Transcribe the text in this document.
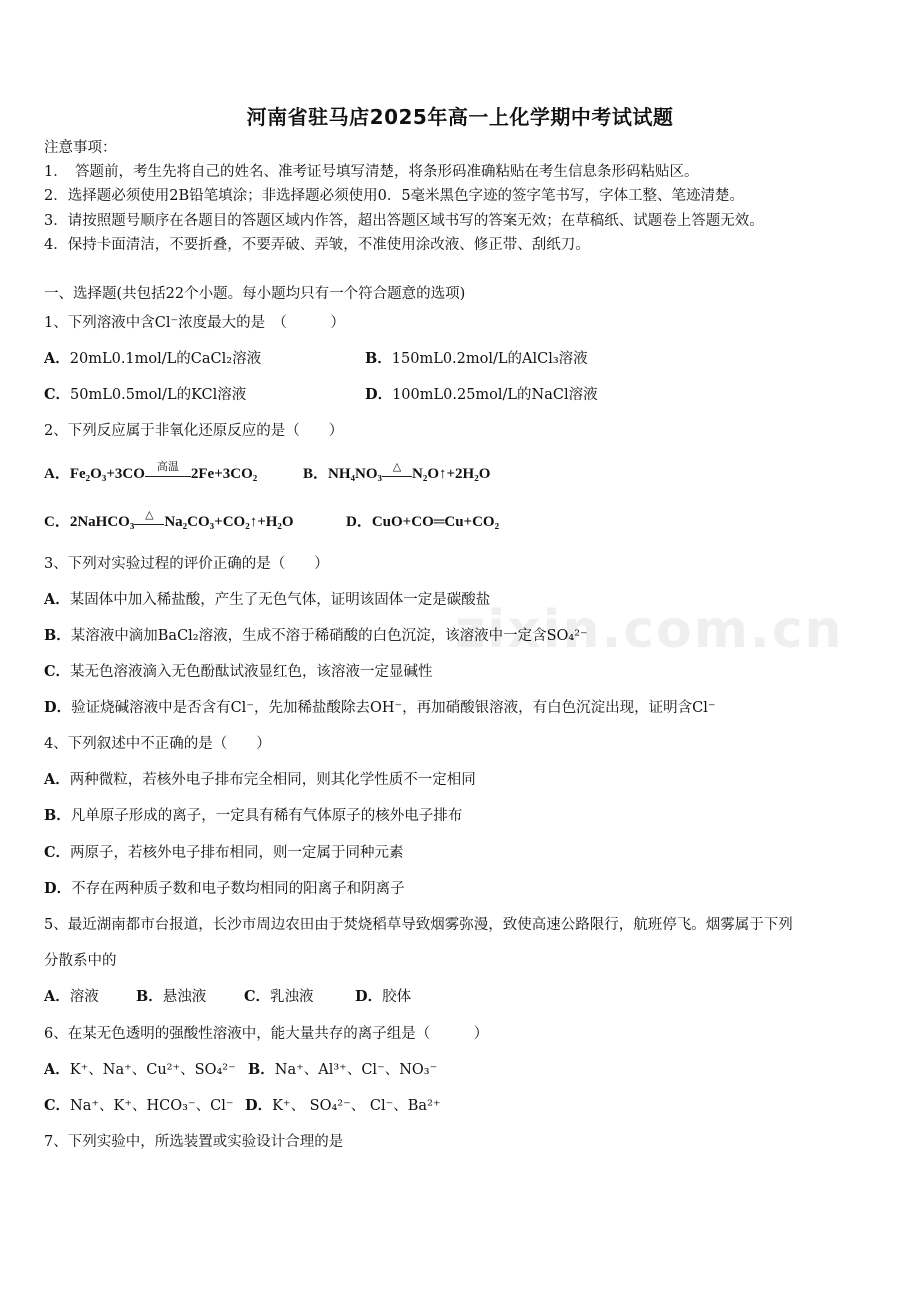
河南省驻马店2025年高一上化学期中考试试题
注意事项：
1．　答题前，考生先将自己的姓名、准考证号填写清楚，将条形码准确粘贴在考生信息条形码粘贴区。
2．选择题必须使用2B铅笔填涂；非选择题必须使用0．5毫米黑色字迹的签字笔书写，字体工整、笔迹清楚。
3．请按照题号顺序在各题目的答题区域内作答，超出答题区域书写的答案无效；在草稿纸、试题卷上答题无效。
4．保持卡面清洁，不要折叠，不要弄破、弄皱，不准使用涂改液、修正带、刮纸刀。
一、选择题(共包括22个小题。每小题均只有一个符合题意的选项)
1、下列溶液中含Cl⁻浓度最大的是　（　　　）
A．20mL0.1mol/L的CaCl₂溶液	B．150mL0.2mol/L的AlCl₃溶液
C．50mL0.5mol/L的KCl溶液	D．100mL0.25mol/L的NaCl溶液
2、下列反应属于非氧化还原反应的是（　　）
A．Fe₂O₃+3CO	高温 2Fe+3CO₂	B．NH₄NO₃ △ N₂O↑+2H₂O
C．2NaHCO₃ △ Na₂CO₃+CO₂↑+H₂O	D．CuO+CO═Cu+CO₂
3、下列对实验过程的评价正确的是（　　）
A．某固体中加入稀盐酸，产生了无色气体，证明该固体一定是碳酸盐
B．某溶液中滴加BaCl₂溶液，生成不溶于稀硝酸的白色沉淀，该溶液中一定含SO₄²⁻
C．某无色溶液滴入无色酚酞试液显红色，该溶液一定显碱性
D．验证烧碱溶液中是否含有Cl⁻，先加稀盐酸除去OH⁻，再加硝酸银溶液，有白色沉淀出现，证明含Cl⁻
4、下列叙述中不正确的是（　　）
A．两种微粒，若核外电子排布完全相同，则其化学性质不一定相同
B．凡单原子形成的离子，一定具有稀有气体原子的核外电子排布
C．两原子，若核外电子排布相同，则一定属于同种元素
D．不存在两种质子数和电子数均相同的阳离子和阴离子
5、最近湖南都市台报道，长沙市周边农田由于焚烧稻草导致烟雾弥漫，致使高速公路限行，航班停飞。烟雾属于下列
分散系中的
A．溶液	B．悬浊液	C．乳浊液	D．胶体
6、在某无色透明的强酸性溶液中，能大量共存的离子组是（　　　）
A．K⁺、Na⁺、Cu²⁺、SO₄²⁻ B．Na⁺、Al³⁺、Cl⁻、NO₃⁻
C．Na⁺、K⁺、HCO₃⁻、Cl⁻ D．K⁺、 SO₄²⁻、 Cl⁻、Ba²⁺
7、下列实验中，所选装置或实验设计合理的是
zixin.com.cn
